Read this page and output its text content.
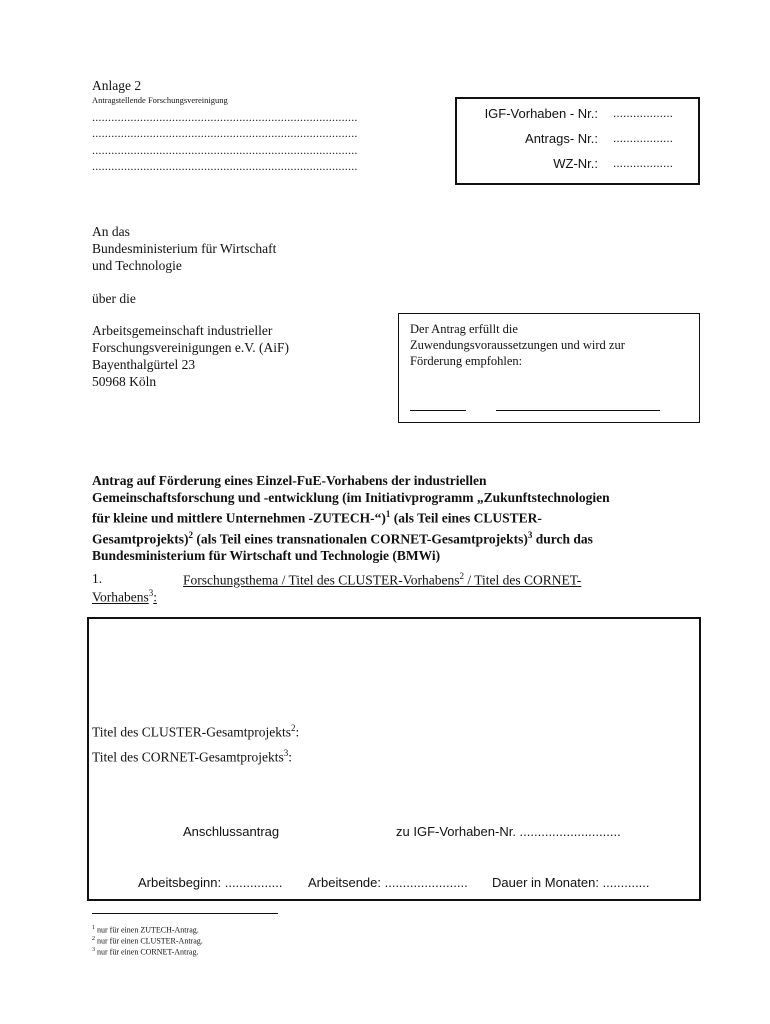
Anlage 2
Antragstellende Forschungsvereinigung
...................................................................................
...................................................................................
...................................................................................
...................................................................................
IGF-Vorhaben - Nr.: ..................
Antrags- Nr.: ..................
WZ-Nr.: ..................
An das
Bundesministerium für Wirtschaft
und Technologie
über die
Arbeitsgemeinschaft industrieller
Forschungsvereinigungen e.V. (AiF)
Bayenthalgürtel 23
50968 Köln
Der Antrag erfüllt die
Zuwendungsvoraussetzungen und wird zur
Förderung empfohlen:
Antrag auf Förderung eines Einzel-FuE-Vorhabens der industriellen
Gemeinschaftsforschung und -entwicklung (im Initiativprogramm „Zukunftstechnologien
für kleine und mittlere Unternehmen -ZUTECH-“)$^1$ (als Teil eines CLUSTER-
Gesamtprojekts)$^2$ (als Teil eines transnationalen CORNET-Gesamtprojekts)$^3$ durch das
Bundesministerium für Wirtschaft und Technologie (BMWi)
1.	Forschungsthema / Titel des CLUSTER-Vorhabens$^2$ / Titel des CORNET-
Vorhabens$^3$:
Titel des CLUSTER-Gesamtprojekts$^2$:
Titel des CORNET-Gesamtprojekts$^3$:
Anschlussantrag	zu IGF-Vorhaben-Nr. ............................
Arbeitsbeginn: ................ Arbeitsende: ....................... Dauer in Monaten: .............
$^1$ nur für einen ZUTECH-Antrag.
$^2$ nur für einen CLUSTER-Antrag.
$^3$ nur für einen CORNET-Antrag.
